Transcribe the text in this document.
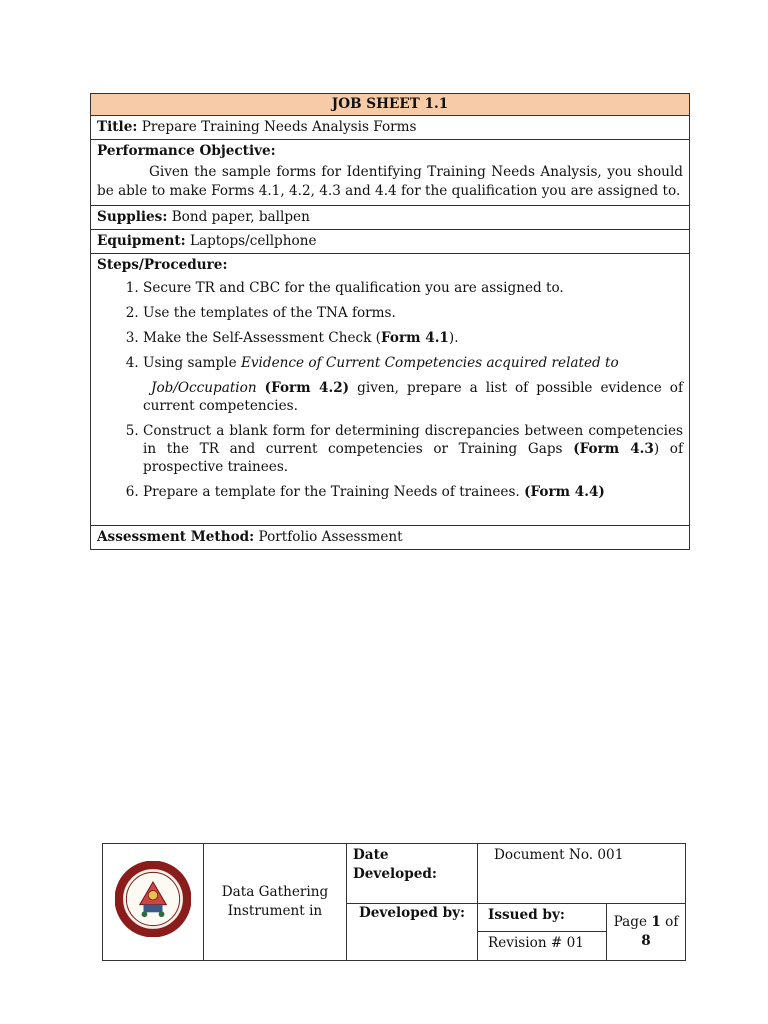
JOB SHEET 1.1
Title: Prepare Training Needs Analysis Forms

Performance Objective:
Given the sample forms for Identifying Training Needs Analysis, you should be able to make Forms 4.1, 4.2, 4.3 and 4.4 for the qualification you are assigned to.

Supplies: Bond paper, ballpen
Equipment: Laptops/cellphone

Steps/Procedure:
1. Secure TR and CBC for the qualification you are assigned to.
2. Use the templates of the TNA forms.
3. Make the Self-Assessment Check (Form 4.1).
4. Using sample Evidence of Current Competencies acquired related to

Job/Occupation (Form 4.2) given, prepare a list of possible evidence of current competencies.
5. Construct a blank form for determining discrepancies between competencies in the TR and current competencies or Training Gaps (Form 4.3) of prospective trainees.
6. Prepare a template for the Training Needs of trainees. (Form 4.4)

Assessment Method: Portfolio Assessment
	Data Gathering Instrument in	Date Developed:	Document No. 001	
		Developed by:	Issued by:	Page 1 of
8
			Revision # 01	
